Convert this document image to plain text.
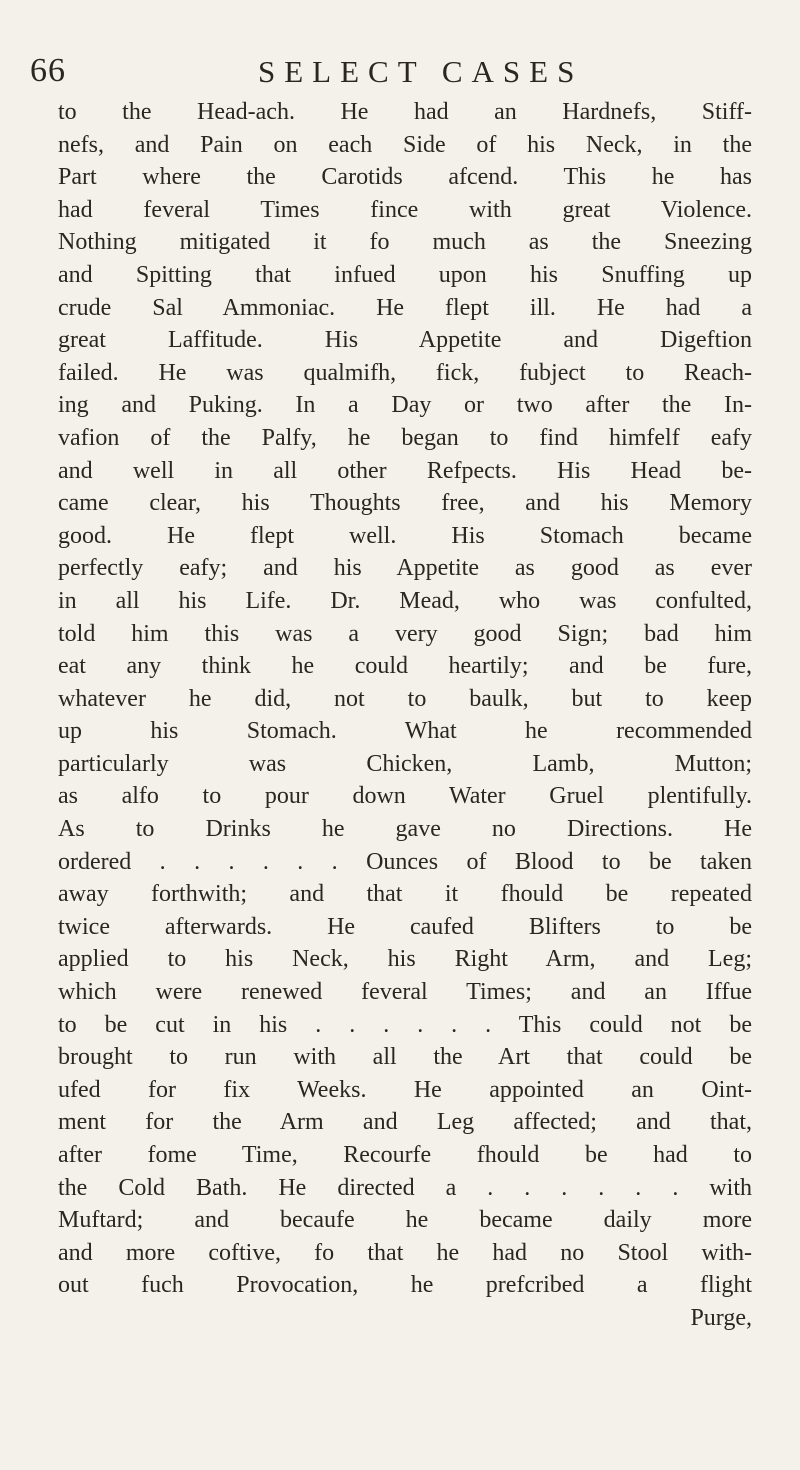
66	SELECT CASES
to the Head-ach. He had an Hardnefs, Stiff-
nefs, and Pain on each Side of his Neck, in the
Part where the Carotids afcend. This he has
had feveral Times fince with great Violence.
Nothing mitigated it fo much as the Sneezing
and Spitting that infued upon his Snuffing up
crude Sal Ammoniac. He flept ill. He had a
great Laffitude. His Appetite and Digeftion
failed. He was qualmifh, fick, fubject to Reach-
ing and Puking. In a Day or two after the In-
vafion of the Palfy, he began to find himfelf eafy
and well in all other Refpects. His Head be-
came clear, his Thoughts free, and his Memory
good. He flept well. His Stomach became
perfectly eafy; and his Appetite as good as ever
in all his Life. Dr. Mead, who was confulted,
told him this was a very good Sign; bad him
eat any think he could heartily; and be fure,
whatever he did, not to baulk, but to keep
up his Stomach. What he recommended
particularly was Chicken, Lamb, Mutton;
as alfo to pour down Water Gruel plentifully.
As to Drinks he gave no Directions. He
ordered . . . . . . Ounces of Blood to be taken
away forthwith; and that it fhould be repeated
twice afterwards. He caufed Blifters to be
applied to his Neck, his Right Arm, and Leg;
which were renewed feveral Times; and an Iffue
to be cut in his . . . . . . This could not be
brought to run with all the Art that could be
ufed for fix Weeks. He appointed an Oint-
ment for the Arm and Leg affected; and that,
after fome Time, Recourfe fhould be had to
the Cold Bath. He directed a . . . . . . with
Muftard; and becaufe he became daily more
and more coftive, fo that he had no Stool with-
out fuch Provocation, he prefcribed a flight
Purge,
